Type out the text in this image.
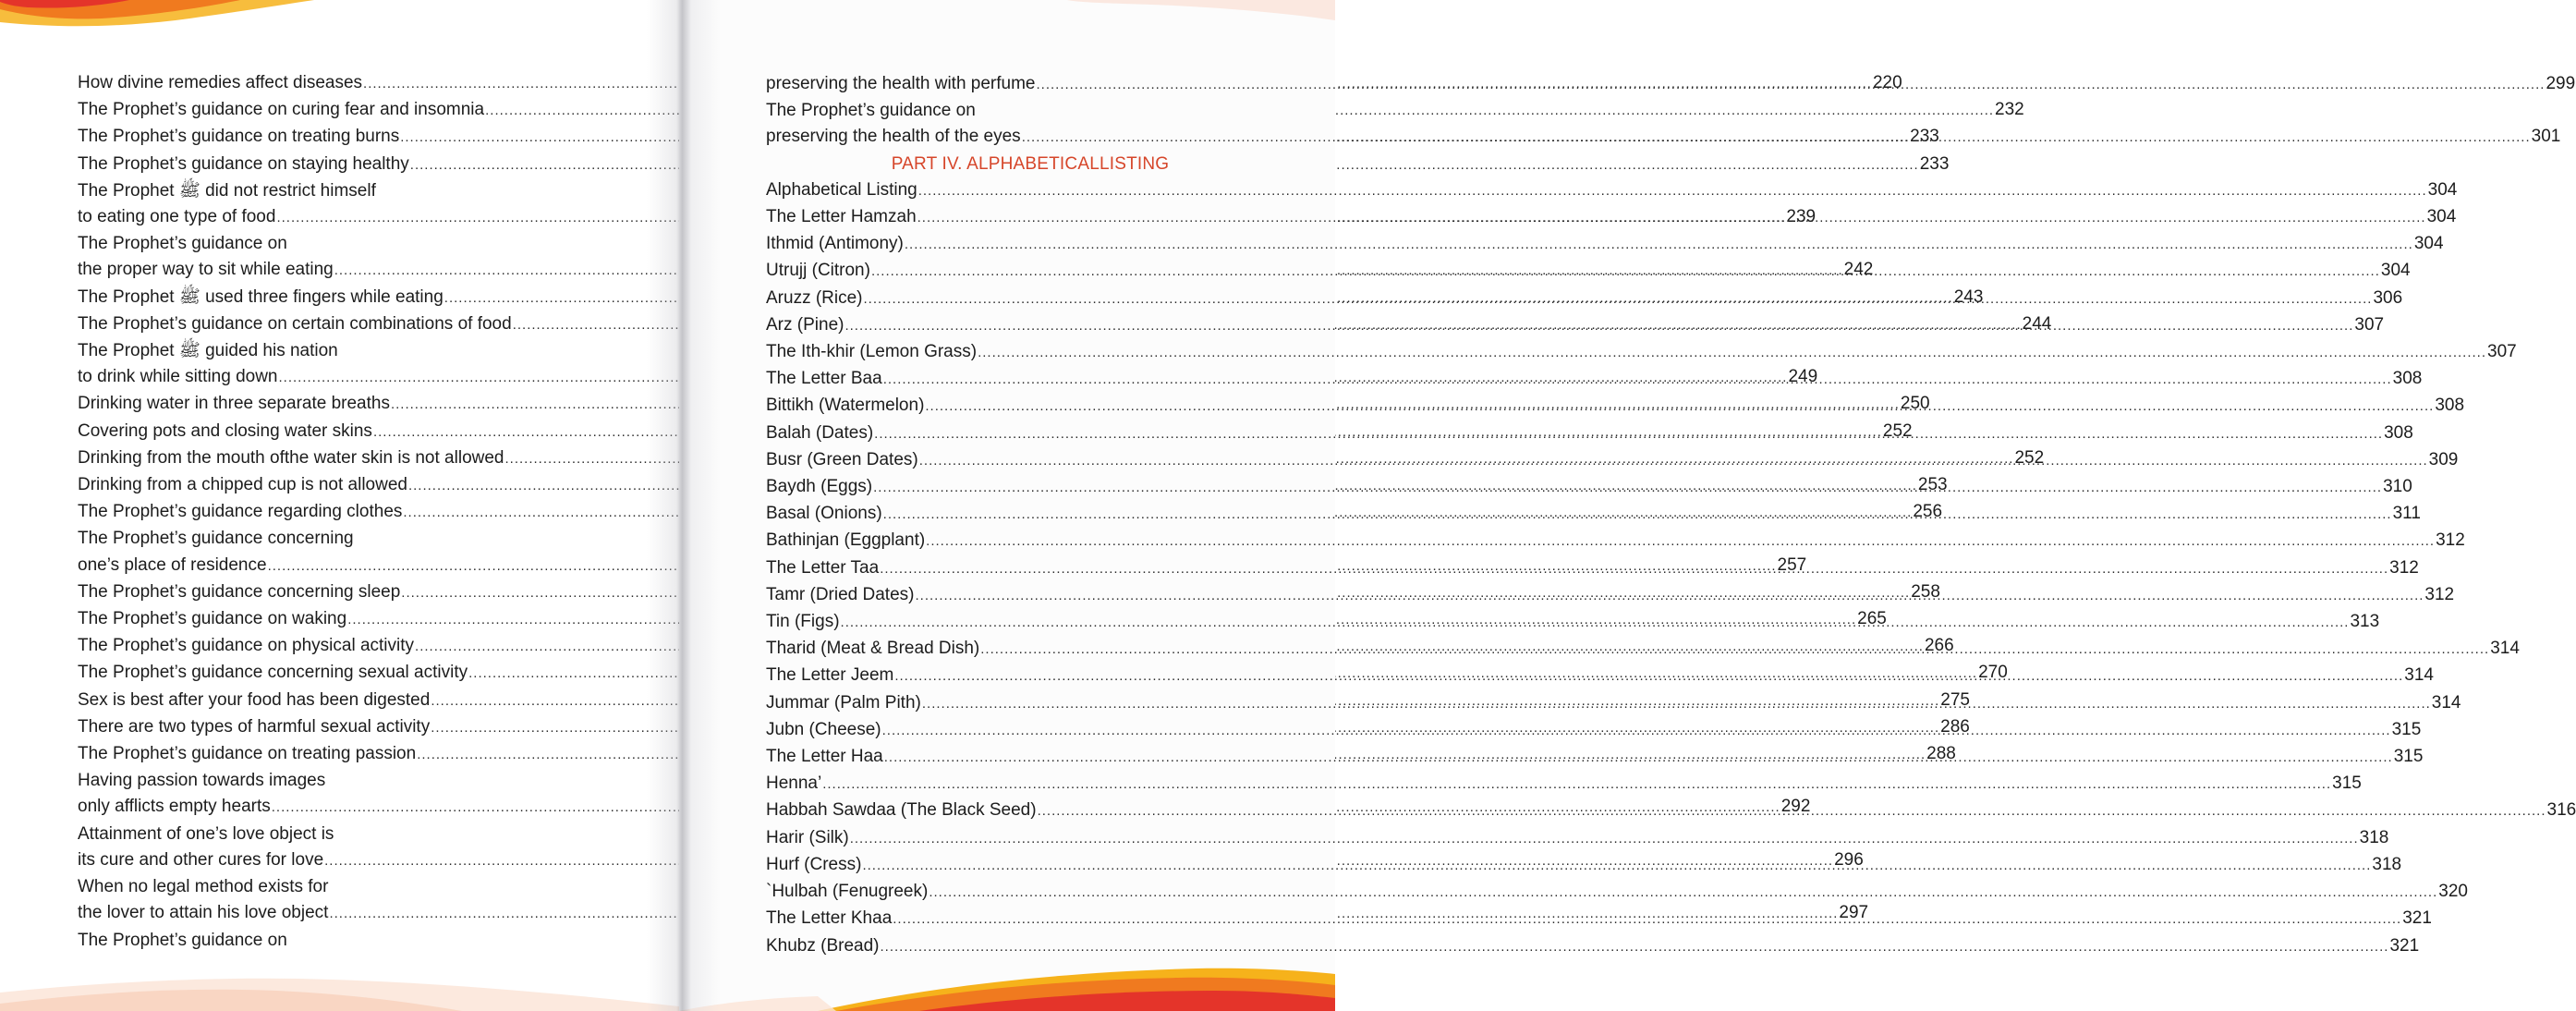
How divine remedies affect diseases .....	220
The Prophet’s guidance on curing fear and insomnia .....	232
The Prophet’s guidance on treating burns .....	233
The Prophet’s guidance on staying healthy .....	233
The Prophet ﷺ did not restrict himself
to eating one type of food .....	239
The Prophet’s guidance on
the proper way to sit while eating .....	242
The Prophet ﷺ used three fingers while eating .....	243
The Prophet’s guidance on certain combinations of food .....	244
The Prophet ﷺ guided his nation
to drink while sitting down .....	249
Drinking water in three separate breaths .....	250
Covering pots and closing water skins .....	252
Drinking from the mouth ofthe water skin is not allowed .....	252
Drinking from a chipped cup is not allowed .....	253
The Prophet’s guidance regarding clothes .....	256
The Prophet’s guidance concerning
one’s place of residence .....	257
The Prophet’s guidance concerning sleep .....	258
The Prophet’s guidance on waking .....	265
The Prophet’s guidance on physical activity .....	266
The Prophet’s guidance concerning sexual activity .....	270
Sex is best after your food has been digested .....	275
There are two types of harmful sexual activity .....	286
The Prophet’s guidance on treating passion .....	288
Having passion towards images
only afflicts empty hearts .....	292
Attainment of one’s love object is
its cure and other cures for love .....	296
When no legal method exists for
the lover to attain his love object .....	297
The Prophet’s guidance on
preserving the health with perfume .....	299
The Prophet’s guidance on
preserving the health of the eyes .....	301
PART IV. ALPHABETICALLISTING
Alphabetical Listing .....	304
The Letter Hamzah .....	304
Ithmid (Antimony) .....	304
Utrujj (Citron) .....	304
Aruzz (Rice) .....	306
Arz (Pine) .....	307
The Ith-khir (Lemon Grass) .....	307
The Letter Baa .....	308
Bittikh (Watermelon) .....	308
Balah (Dates) .....	308
Busr (Green Dates) .....	309
Baydh (Eggs) .....	310
Basal (Onions) .....	311
Bathinjan (Eggplant) .....	312
The Letter Taa .....	312
Tamr (Dried Dates) .....	312
Tin (Figs) .....	313
Tharid (Meat & Bread Dish) .....	314
The Letter Jeem .....	314
Jummar (Palm Pith) .....	314
Jubn (Cheese) .....	315
The Letter Haa .....	315
Henna’ .....	315
Habbah Sawdaa (The Black Seed) .....	316
Harir (Silk) .....	318
Hurf (Cress) .....	318
`Hulbah (Fenugreek) .....	320
The Letter Khaa .....	321
Khubz (Bread) .....	321
